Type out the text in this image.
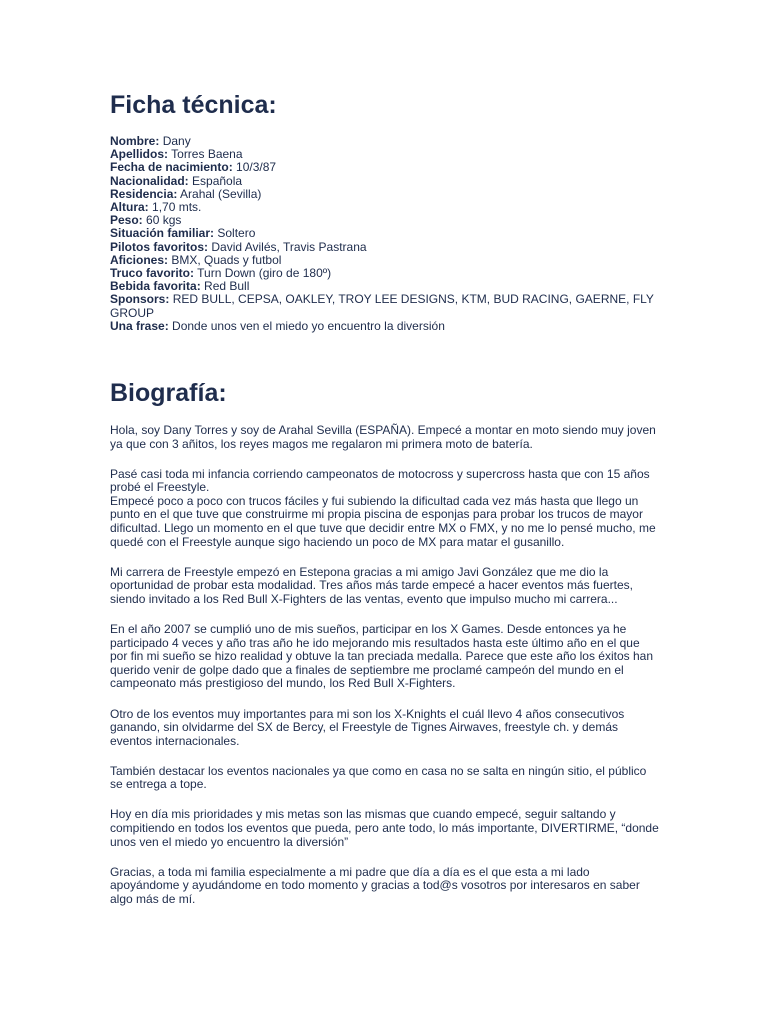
Ficha técnica:
Nombre: Dany
Apellidos: Torres Baena
Fecha de nacimiento: 10/3/87
Nacionalidad: Española
Residencia: Arahal (Sevilla)
Altura: 1,70 mts.
Peso: 60 kgs
Situación familiar: Soltero
Pilotos favoritos: David Avilés, Travis Pastrana
Aficiones: BMX, Quads y futbol
Truco favorito: Turn Down (giro de 180º)
Bebida favorita: Red Bull
Sponsors: RED BULL, CEPSA, OAKLEY, TROY LEE DESIGNS, KTM, BUD RACING, GAERNE, FLY GROUP
Una frase: Donde unos ven el miedo yo encuentro la diversión
Biografía:

Hola, soy Dany Torres y soy de Arahal Sevilla (ESPAÑA). Empecé a montar en moto siendo muy joven ya que con 3 añitos, los reyes magos me regalaron mi primera moto de batería.

Pasé casi toda mi infancia corriendo campeonatos de motocross y supercross hasta que con 15 años probé el Freestyle.
Empecé poco a poco con trucos fáciles y fui subiendo la dificultad cada vez más hasta que llego un punto en el que tuve que construirme mi propia piscina de esponjas para probar los trucos de mayor dificultad. Llego un momento en el que tuve que decidir entre MX o FMX, y no me lo pensé mucho, me quedé con el Freestyle aunque sigo haciendo un poco de MX para matar el gusanillo.

Mi carrera de Freestyle empezó en Estepona gracias a mi amigo Javi González que me dio la oportunidad de probar esta modalidad. Tres años más tarde empecé a hacer eventos más fuertes, siendo invitado a los Red Bull X-Fighters de las ventas, evento que impulso mucho mi carrera...

En el año 2007 se cumplió uno de mis sueños, participar en los X Games. Desde entonces ya he participado 4 veces y año tras año he ido mejorando mis resultados hasta este último año en el que por fin mi sueño se hizo realidad y obtuve la tan preciada medalla. Parece que este año los éxitos han querido venir de golpe dado que a finales de septiembre me proclamé campeón del mundo en el campeonato más prestigioso del mundo, los Red Bull X-Fighters.

Otro de los eventos muy importantes para mi son los X-Knights el cuál llevo 4 años consecutivos ganando, sin olvidarme del SX de Bercy, el Freestyle de Tignes Airwaves, freestyle ch. y demás eventos internacionales.

También destacar los eventos nacionales ya que como en casa no se salta en ningún sitio, el público se entrega a tope.

Hoy en día mis prioridades y mis metas son las mismas que cuando empecé, seguir saltando y compitiendo en todos los eventos que pueda, pero ante todo, lo más importante, DIVERTIRME, “donde unos ven el miedo yo encuentro la diversión”

Gracias, a toda mi familia especialmente a mi padre que día a día es el que esta a mi lado apoyándome y ayudándome en todo momento y gracias a tod@s vosotros por interesaros en saber algo más de mí.
